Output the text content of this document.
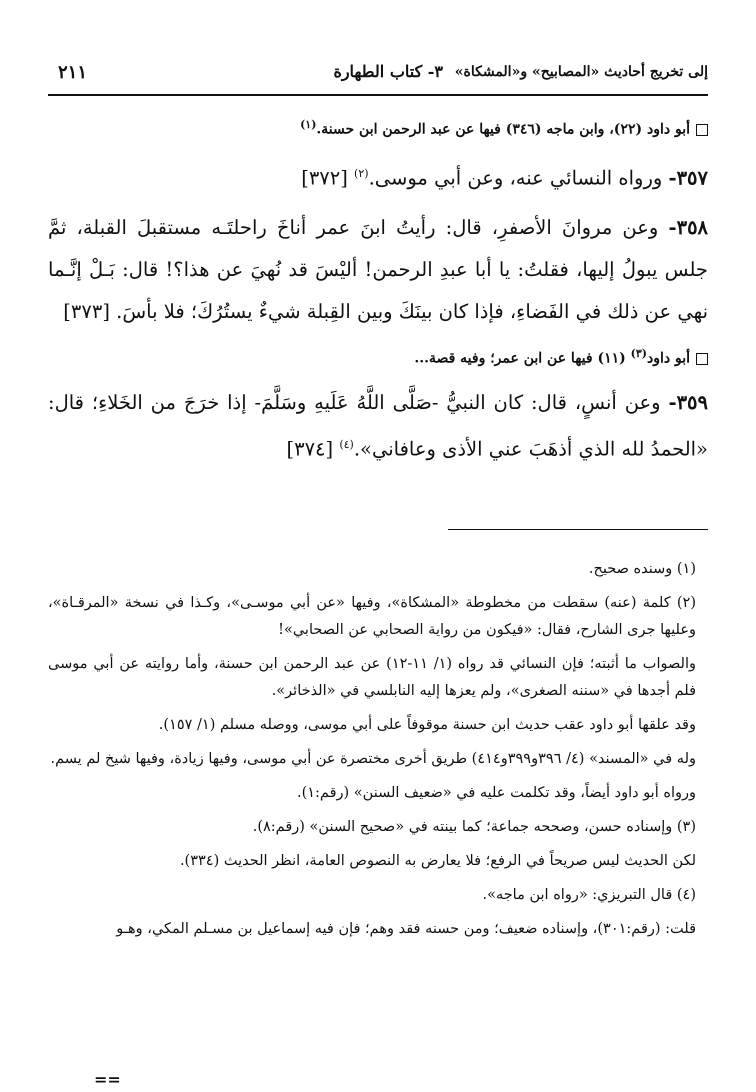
إلى تخريج أحاديث «المصابيح» و«المشكاة»
٣- كتاب الطهارة
٢١١

أبو داود (٢٢)، وابن ماجه (٣٤٦) فيها عن عبد الرحمن ابن حسنة.$^{(١)}$

٣٥٧- ورواه النسائي عنه، وعن أبي موسى.$^{(٢)}$ [٣٧٢]

٣٥٨- وعن مروانَ الأصفرِ، قال: رأيتُ ابنَ عمر أناخَ راحلتَـه مستقبلَ القبلة، ثمَّ جلس يبولُ إليها، فقلتُ: يا أبا عبدِ الرحمن! أليْسَ قد نُهيَ عن هذا؟! قال: بَـلْ إنَّـما نهي عن ذلك في الفَضاءِ، فإذا كان بينَكَ وبين القِبلة شيءٌ يستُرُكَ؛ فلا بأسَ. [٣٧٣]

أبو داود$^{(٣)}$ (١١) فيها عن ابن عمر؛ وفيه قصة...

٣٥٩- وعن أنسٍ، قال: كان النبيُّ -صَلَّى اللَّهُ عَلَيهِ وسَلَّمَ- إذا خرَجَ من الخَلاءِ؛ قال: «الحمدُ لله الذي أذهَبَ عني الأذى وعافاني».$^{(٤)}$ [٣٧٤]

(١) وسنده صحيح.

(٢) كلمة (عنه) سقطت من مخطوطة «المشكاة»، وفيها «عن أبي موسـى»، وكـذا في نسخة «المرقـاة»، وعليها جرى الشارح، فقال: «فيكون من رواية الصحابي عن الصحابي»!

والصواب ما أثبته؛ فإن النسائي قد رواه (١/ ١١-١٢) عن عبد الرحمن ابن حسنة، وأما روايته عن أبي موسى فلم أجدها في «سننه الصغرى»، ولم يعزها إليه النابلسي في «الذخائر».

وقد علقها أبو داود عقب حديث ابن حسنة موقوفاً على أبي موسى، ووصله مسلم (١/ ١٥٧).

وله في «المسند» (٤/ ٣٩٦و٣٩٩و٤١٤) طريق أخرى مختصرة عن أبي موسى، وفيها زيادة، وفيها شيخ لم يسم.

ورواه أبو داود أيضاً، وقد تكلمت عليه في «ضعيف السنن» (رقم:١).

(٣) وإسناده حسن، وصححه جماعة؛ كما بينته في «صحيح السنن» (رقم:٨).

لكن الحديث ليس صريحاً في الرفع؛ فلا يعارض به النصوص العامة، انظر الحديث (٣٣٤).

(٤) قال التبريزي: «رواه ابن ماجه».

قلت: (رقم:٣٠١)، وإسناده ضعيف؛ ومن حسنه فقد وهم؛ فإن فيه إسماعيل بن مسـلم المكي، وهـو

==
